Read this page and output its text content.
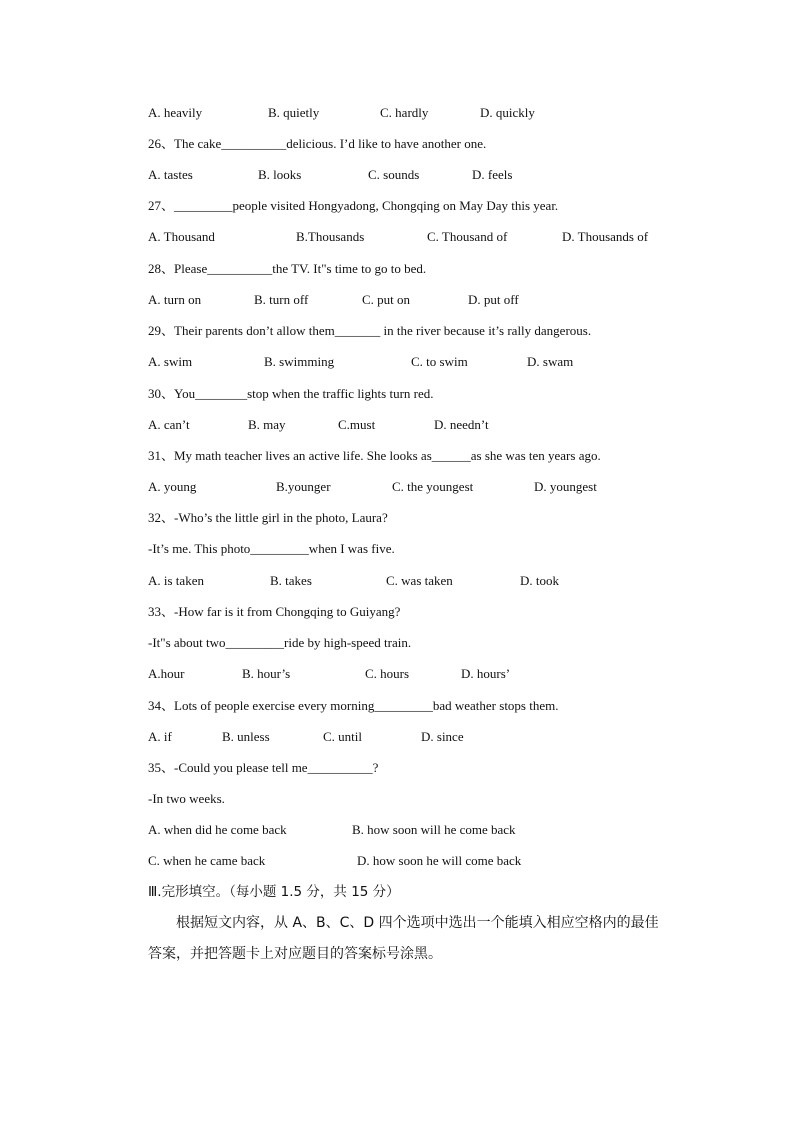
A. heavily	B. quietly	C. hardly	D. quickly
26、The cake__________delicious. I’d like to have another one.
A. tastes	B. looks	C. sounds	D. feels
27、_________people visited Hongyadong, Chongqing on May Day this year.
A. Thousand	B.Thousands	C. Thousand of	D. Thousands of
28、Please__________the TV. It"s time to go to bed.
A. turn on	B. turn off	C. put on	D. put off
29、Their parents don’t allow them_______ in the river because it’s rally dangerous.
A. swim	B. swimming	C. to swim	D. swam
30、You________stop when the traffic lights turn red.
A. can’t	B. may	C.must	D. needn’t
31、My math teacher lives an active life. She looks as______as she was ten years ago.
A. young	B.younger	C. the youngest	D. youngest
32、-Who’s the little girl in the photo, Laura?
-It’s me. This photo_________when I was five.
A. is taken	B. takes	C. was taken	D. took
33、-How far is it from Chongqing to Guiyang?
-It"s about two_________ride by high-speed train.
A.hour	B. hour’s	C. hours	D. hours’
34、Lots of people exercise every morning_________bad weather stops them.
A. if	B. unless	C. until	D. since
35、-Could you please tell me__________?
-In two weeks.
A. when did he come back	B. how soon will he come back
C. when he came back	D. how soon he will come back
Ⅲ.完形填空。（每小题 1.5 分，共 15 分）
根据短文内容，从 A、B、C、D 四个选项中选出一个能填入相应空格内的最佳答案，并把答题卡上对应题目的答案标号涂黑。
